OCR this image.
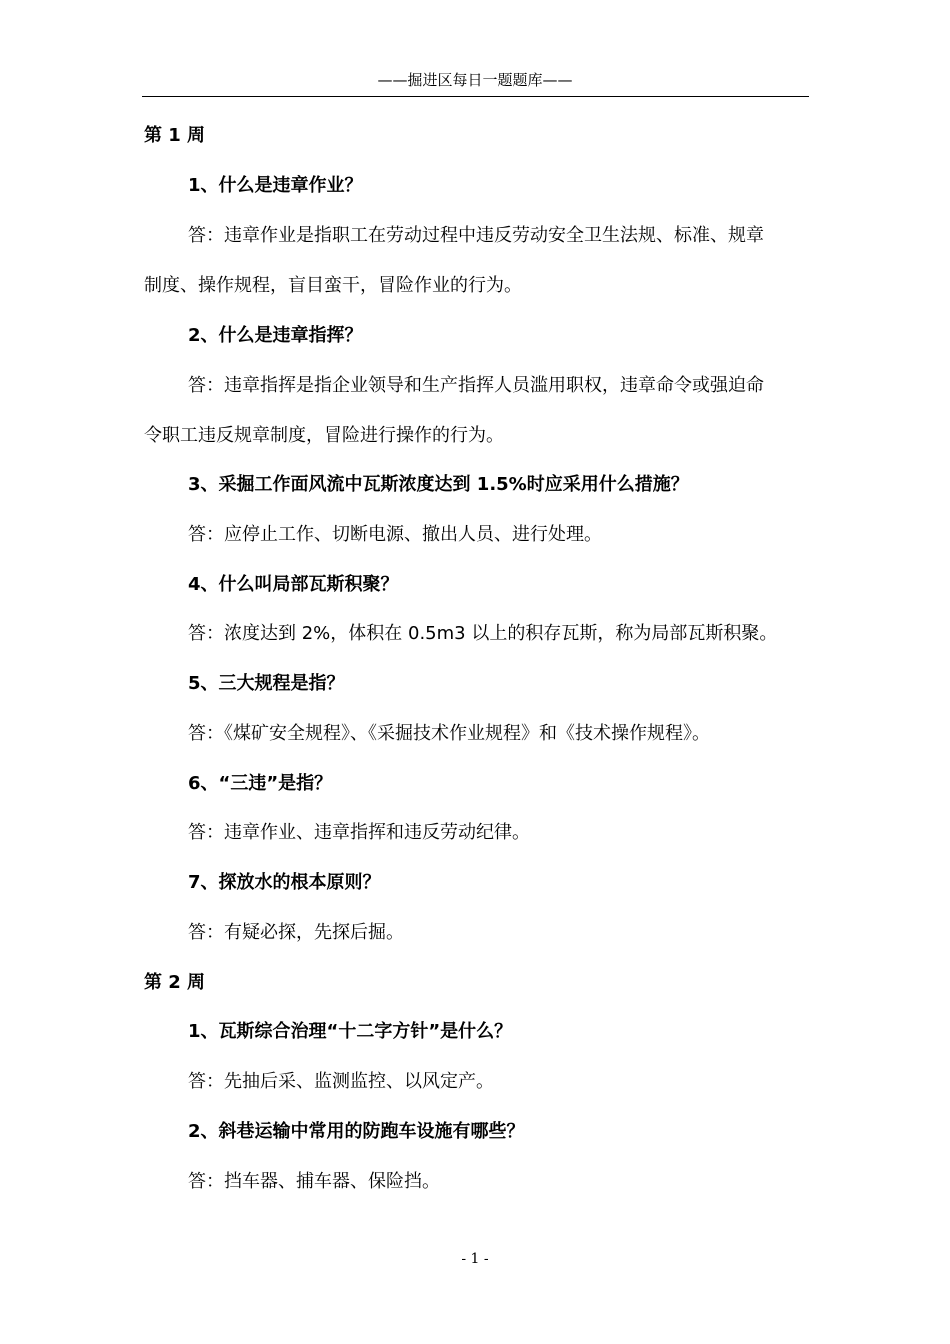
——掘进区每日一题题库——
第 1 周
1、什么是违章作业？
答：违章作业是指职工在劳动过程中违反劳动安全卫生法规、标准、规章
制度、操作规程，盲目蛮干，冒险作业的行为。
2、什么是违章指挥？
答：违章指挥是指企业领导和生产指挥人员滥用职权，违章命令或强迫命
令职工违反规章制度，冒险进行操作的行为。
3、采掘工作面风流中瓦斯浓度达到 1.5%时应采用什么措施？
答：应停止工作、切断电源、撤出人员、进行处理。
4、什么叫局部瓦斯积聚？
答：浓度达到 2%，体积在 0.5m3 以上的积存瓦斯，称为局部瓦斯积聚。
5、三大规程是指？
答：《煤矿安全规程》、《采掘技术作业规程》和《技术操作规程》。
6、“三违”是指？
答：违章作业、违章指挥和违反劳动纪律。
7、探放水的根本原则？
答：有疑必探，先探后掘。
第 2 周
1、瓦斯综合治理“十二字方针”是什么？
答：先抽后采、监测监控、以风定产。
2、斜巷运输中常用的防跑车设施有哪些？
答：挡车器、捕车器、保险挡。
- 1 -
